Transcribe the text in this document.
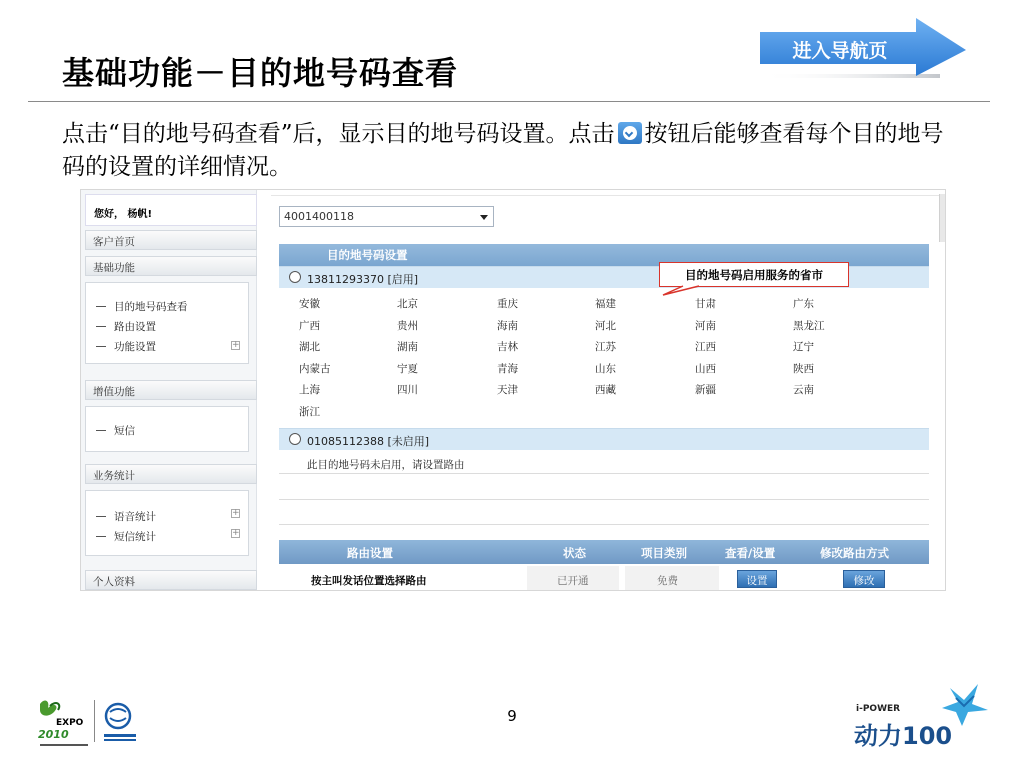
基础功能－目的地号码查看
进入导航页
点击“目的地号码查看”后，显示目的地号码设置。点击 按钮后能够查看每个目的地号码的设置的详细情况。
您好， 杨帆!
客户首页
基础功能
目的地号码查看
路由设置
功能设置	+
增值功能
短信
业务统计
语音统计	+
短信统计	+
个人资料
4001400118
目的地号码设置
13811293370 [启用]
安徽	北京	重庆	福建	甘肃	广东
广西	贵州	海南	河北	河南	黑龙江
湖北	湖南	吉林	江苏	江西	辽宁
内蒙古	宁夏	青海	山东	山西	陕西
上海	四川	天津	西藏	新疆	云南
浙江
01085112388 [未启用]
此目的地号码未启用，请设置路由
目的地号码启用服务的省市
路由设置	状态	项目类别	查看/设置	修改路由方式
按主叫发话位置选择路由	已开通	免费	设置	修改
9
EXPO
2010
i-POWER
动力100
